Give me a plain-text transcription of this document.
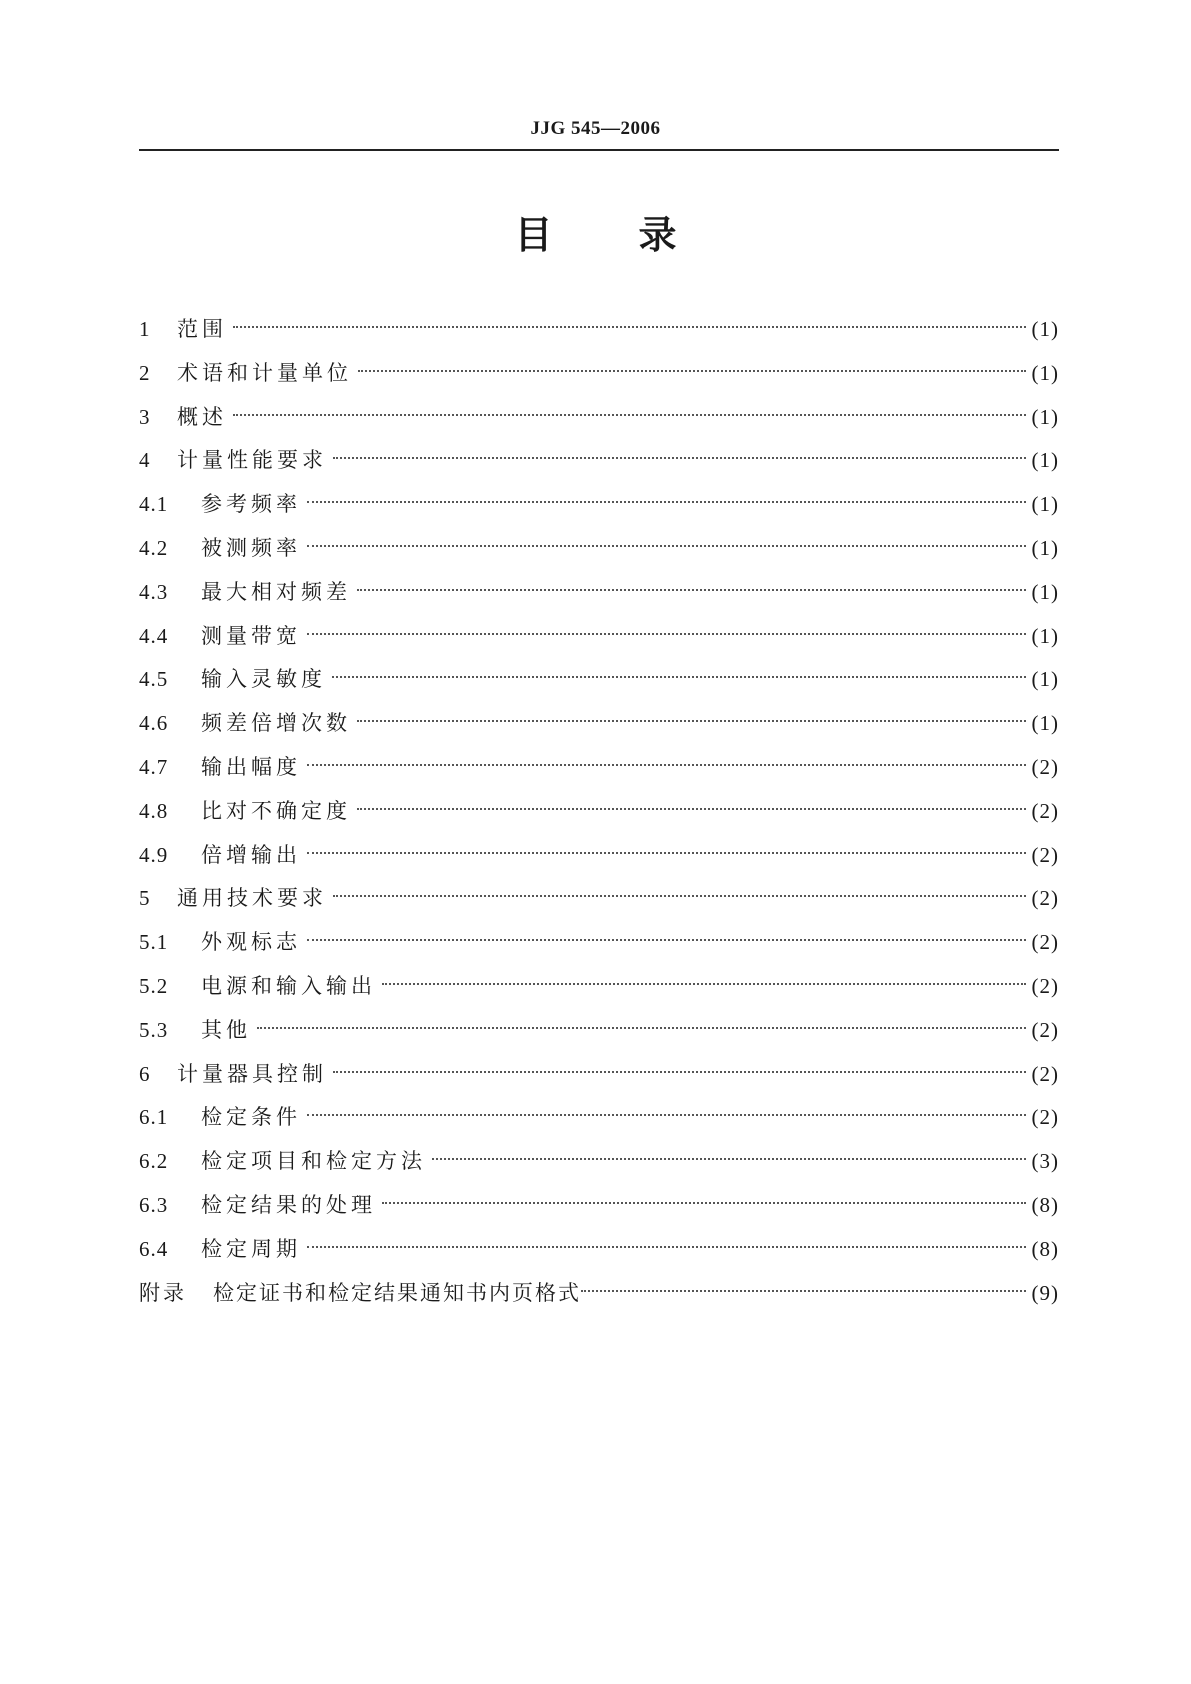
JJG 545—2006
目 录
1	范围	(1)
2	术语和计量单位	(1)
3	概述	(1)
4	计量性能要求	(1)
4.1	参考频率	(1)
4.2	被测频率	(1)
4.3	最大相对频差	(1)
4.4	测量带宽	(1)
4.5	输入灵敏度	(1)
4.6	频差倍增次数	(1)
4.7	输出幅度	(2)
4.8	比对不确定度	(2)
4.9	倍增输出	(2)
5	通用技术要求	(2)
5.1	外观标志	(2)
5.2	电源和输入输出	(2)
5.3	其他	(2)
6	计量器具控制	(2)
6.1	检定条件	(2)
6.2	检定项目和检定方法	(3)
6.3	检定结果的处理	(8)
6.4	检定周期	(8)
附录	检定证书和检定结果通知书内页格式	(9)
